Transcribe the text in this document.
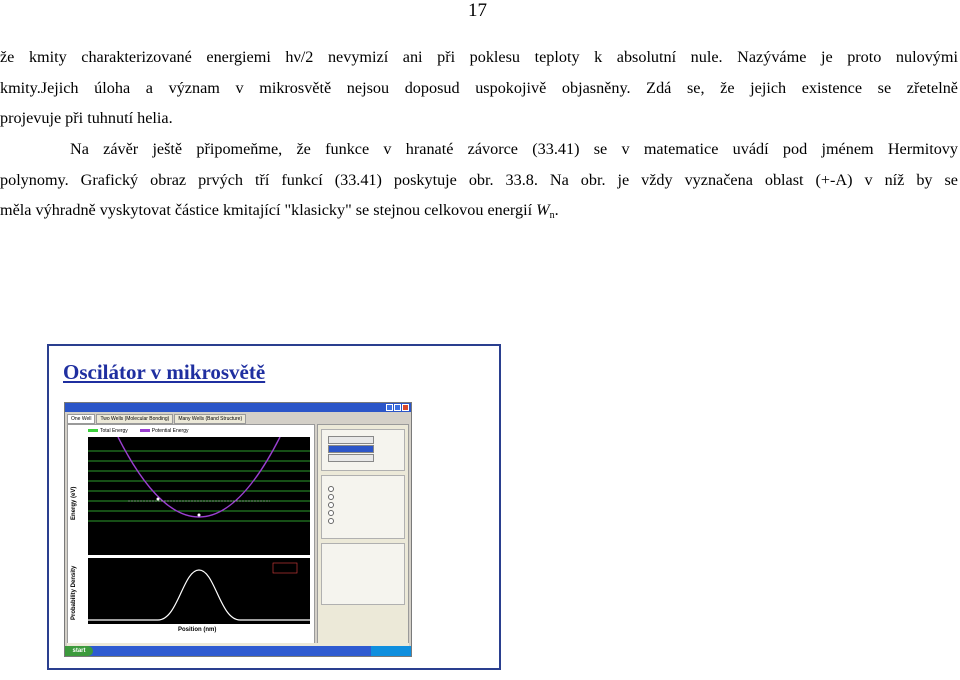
17
že kmity charakterizované energiemi hν/2 nevymizí ani při poklesu teploty k absolutní nule. Nazýváme je proto nulovými
kmity.Jejich úloha a význam v mikrosvětě nejsou doposud uspokojivě objasněny. Zdá se, že jejich existence se zřetelně
projevuje při tuhnutí helia.
Na závěr ještě připomeňme, že funkce v hranaté závorce (33.41) se v matematice uvádí pod jménem Hermitovy
polynomy. Grafický obraz prvých tří funkcí (33.41) poskytuje obr. 33.8. Na obr. je vždy vyznačena oblast (+-A) v níž by se
měla výhradně vyskytovat částice kmitající "klasicky" se stejnou celkovou energií $W_n$.
Oscilátor v mikrosvětě
One Well	Two Wells (Molecular Bonding)	Many Wells (Band Structure)
Total Energy	Potential Energy
Energy (eV)
Probability Density
Position (nm)
start
